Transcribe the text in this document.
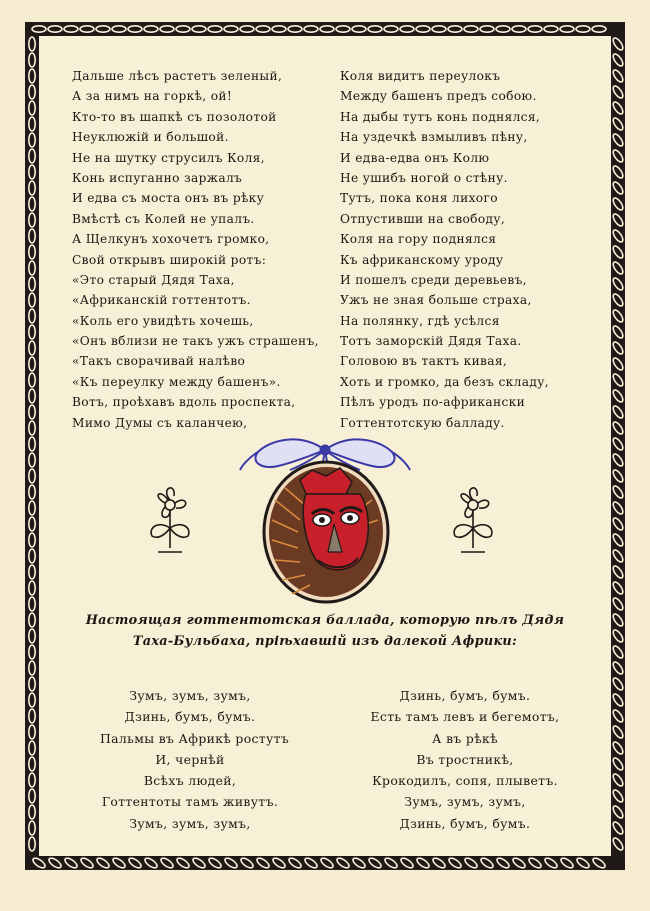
Дальше лѣсъ растетъ зеленый,
А за нимъ на горкѣ, ой!
Кто-то въ шапкѣ съ позолотой
Неуклюжій и большой.
Не на шутку струсилъ Коля,
Конь испуганно заржалъ
И едва съ моста онъ въ рѣку
Вмѣстѣ съ Колей не упалъ.
А Щелкунъ хохочетъ громко,
Свой открывъ широкій ротъ:
«Это старый Дядя Таха,
«Африканскій готтентотъ.
«Коль его увидѣть хочешь,
«Онъ вблизи не такъ ужъ страшенъ,
«Такъ сворачивай налѣво
«Къ переулку между башенъ».
Вотъ, проѣхавъ вдоль проспекта,
Мимо Думы съ каланчею,
Коля видитъ переулокъ
Между башенъ предъ собою.
На дыбы тутъ конь поднялся,
На уздечкѣ взмыливъ пѣну,
И едва-едва онъ Колю
Не ушибъ ногой о стѣну.
Тутъ, пока коня лихого
Отпустивши на свободу,
Коля на гору поднялся
Къ африканскому уроду
И пошелъ среди деревьевъ,
Ужъ не зная больше страха,
На полянку, гдѣ усѣлся
Тотъ заморскій Дядя Таха.
Головою въ тактъ кивая,
Хоть и громко, да безъ складу,
Пѣлъ уродъ по-африкански
Готтентотскую балладу.
Настоящая готтентотская баллада, которую пѣлъ Дядя Таха-Бульбаха, пріѣхавшій изъ далекой Африки:
Зумъ, зумъ, зумъ,
Дзинь, бумъ, бумъ.
Пальмы въ Африкѣ ростутъ
И, чернѣй
Всѣхъ людей,
Готтентоты тамъ живутъ.
Зумъ, зумъ, зумъ,
Дзинь, бумъ, бумъ.
Есть тамъ левъ и бегемотъ,
А въ рѣкѣ
Въ тростникѣ,
Крокодилъ, сопя, плыветъ.
Зумъ, зумъ, зумъ,
Дзинь, бумъ, бумъ.
